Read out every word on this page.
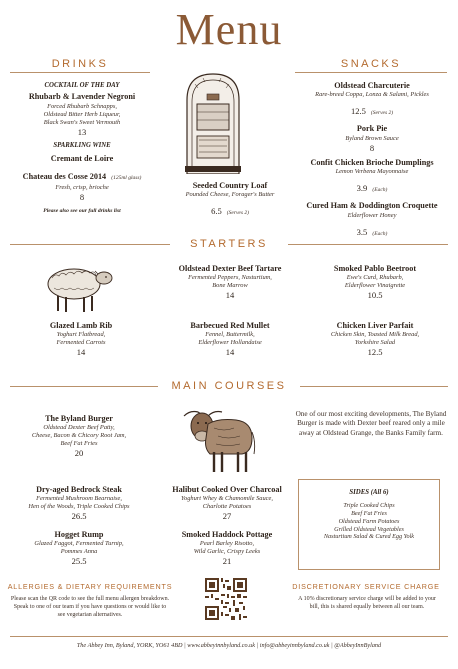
Menu
DRINKS	SNACKS
COCKTAIL OF THE DAY
Rhubarb & Lavender Negroni
Forced Rhubarb Schnapps,
Oldstead Bitter Herb Liqueur,
Black Swan's Sweet Vermouth
13
SPARKLING WINE
Cremant de Loire
Chateau des Cosse 2014 (125ml glass)
Fresh, crisp, brioche
8
Please also see our full drinks list
Seeded Country Loaf
Pounded Cheese, Forager's Butter
6.5 (Serves 2)
Oldstead Charcuterie
Rare-breed Coppa, Lonza & Salami, Pickles
12.5 (Serves 2)
Pork Pie
Byland Brown Sauce
8
Confit Chicken Brioche Dumplings
Lemon Verbena Mayonnaise
3.9 (Each)
Cured Ham & Doddington Croquette
Elderflower Honey
3.5 (Each)
STARTERS
Oldstead Dexter Beef Tartare
Fermented Peppers, Nasturtium,
Bone Marrow
14
Smoked Pablo Beetroot
Ewe's Curd, Rhubarb,
Elderflower Vinaigrette
10.5
Glazed Lamb Rib
Yoghurt Flatbread,
Fermented Carrots
14
Barbecued Red Mullet
Fennel, Buttermilk,
Elderflower Hollandaise
14
Chicken Liver Parfait
Chicken Skin, Toasted Milk Bread,
Yorkshire Salad
12.5
MAIN COURSES
The Byland Burger
Oldstead Dexter Beef Patty,
Cheese, Bacon & Chicory Root Jam,
Beef Fat Fries
20
One of our most exciting developments, The Byland Burger is made with Dexter beef reared only a mile away at Oldstead Grange, the Banks Family farm.
Dry-aged Bedrock Steak
Fermented Mushroom Bearnaise,
Hen of the Woods, Triple Cooked Chips
26.5
Halibut Cooked Over Charcoal
Yoghurt Whey & Chamomile Sauce,
Charlotte Potatoes
27
Hogget Rump
Glazed Faggot, Fermented Turnip,
Pommes Anna
25.5
Smoked Haddock Pottage
Pearl Barley Risotto,
Wild Garlic, Crispy Leeks
21
SIDES (All 6)
Triple Cooked Chips
Beef Fat Fries
Oldstead Farm Potatoes
Grilled Oldstead Vegetables
Nasturtium Salad & Cured Egg Yolk
ALLERGIES & DIETARY REQUIREMENTS
Please scan the QR code to see the full menu allergen breakdown. Speak to one of our team if you have questions or would like to see vegetarian alternatives.
DISCRETIONARY SERVICE CHARGE
A 10% discretionary service charge will be added to your bill, this is shared equally between all our team.
The Abbey Inn, Byland, YORK, YO61 4BD | www.abbeyinnbyland.co.uk | info@abbeyinnbyland.co.uk | @AbbeyInnByland
